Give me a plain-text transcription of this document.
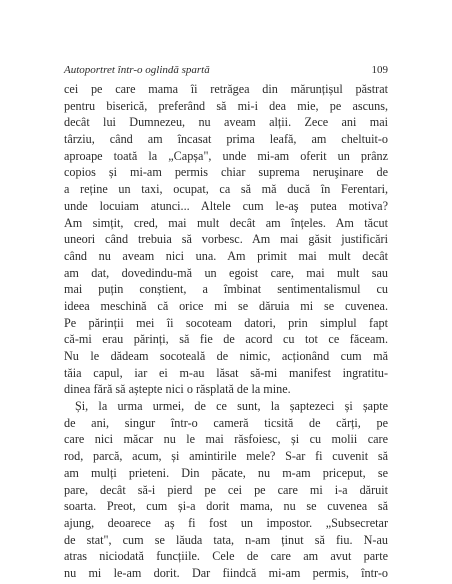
Autoportret într-o oglindă spartă	109
cei pe care mama îi retrăgea din mărunțișul păstrat
pentru biserică, preferând să mi-i dea mie, pe ascuns,
decât lui Dumnezeu, nu aveam alții. Zece ani mai
târziu, când am încasat prima leafă, am cheltuit-o
aproape toată la „Capșa", unde mi-am oferit un prânz
copios și mi-am permis chiar suprema neruşinare de
a reține un taxi, ocupat, ca să mă ducă în Ferentari,
unde locuiam atunci... Altele cum le-aş putea motiva?
Am simțit, cred, mai mult decât am înțeles. Am tăcut
uneori când trebuia să vorbesc. Am mai găsit justificări
când nu aveam nici una. Am primit mai mult decât
am dat, dovedindu-mă un egoist care, mai mult sau
mai puțin conștient, a îmbinat sentimentalismul cu
ideea meschină că orice mi se dăruia mi se cuvenea.
Pe părinții mei îi socoteam datori, prin simplul fapt
că-mi erau părinți, să fie de acord cu tot ce făceam.
Nu le dădeam socoteală de nimic, acționând cum mă
tăia capul, iar ei m-au lăsat să-mi manifest ingratitu-
dinea fără să aștepte nici o răsplată de la mine.
Și, la urma urmei, de ce sunt, la șaptezeci și șapte
de ani, singur într-o cameră ticsită de cărți, pe
care nici măcar nu le mai răsfoiesc, și cu molii care
rod, parcă, acum, și amintirile mele? S-ar fi cuvenit să
am mulți prieteni. Din păcate, nu m-am priceput, se
pare, decât să-i pierd pe cei pe care mi i-a dăruit
soarta. Preot, cum și-a dorit mama, nu se cuvenea să
ajung, deoarece aș fi fost un impostor. „Subsecretar
de stat", cum se lăuda tata, n-am ținut să fiu. N-au
atras niciodată funcțiile. Cele de care am avut parte
nu mi le-am dorit. Dar fiindcă mi-am permis, într-o
